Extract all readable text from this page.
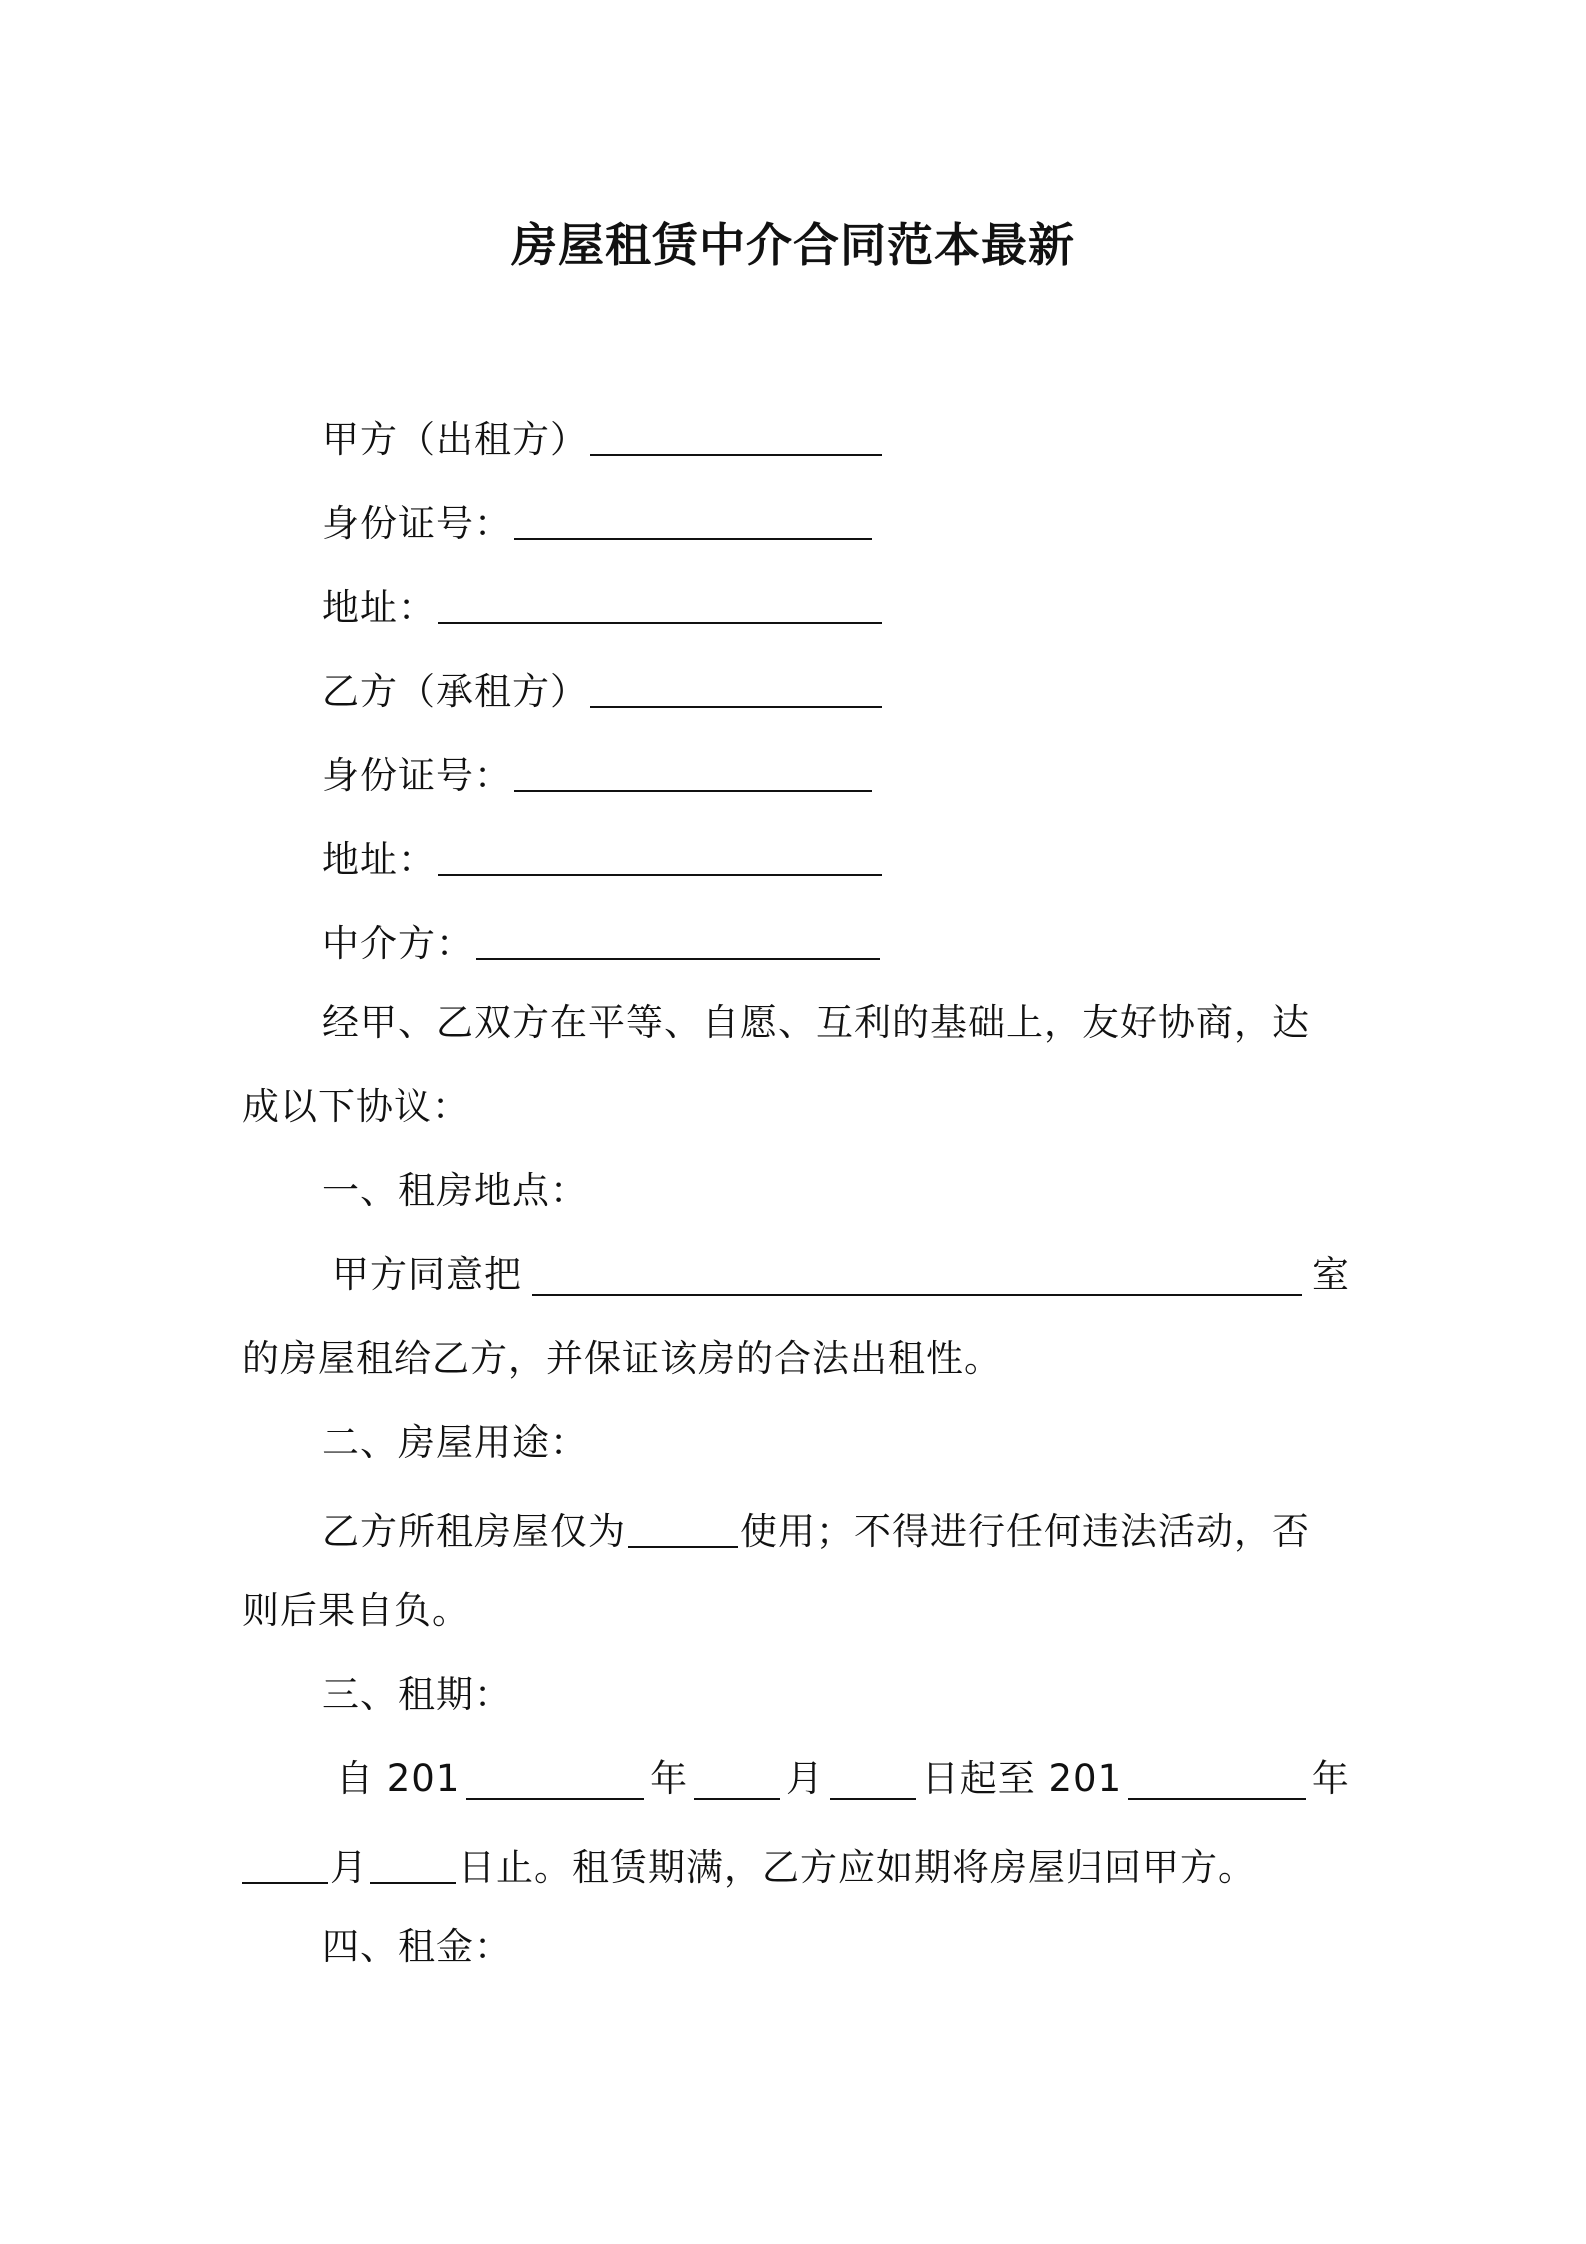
房屋租赁中介合同范本最新
甲方（出租方）
身份证号：
地址：
乙方（承租方）
身份证号：
地址：
中介方：
经甲、乙双方在平等、自愿、互利的基础上，友好协商，达
成以下协议：
一、租房地点：
甲方同意把	室
的房屋租给乙方，并保证该房的合法出租性。
二、房屋用途：
乙方所租房屋仅为	使用；不得进行任何违法活动，否
则后果自负。
三、租期：
自 201	年	月	日起至 201	年
月 日止。租赁期满，乙方应如期将房屋归回甲方。
四、租金：
